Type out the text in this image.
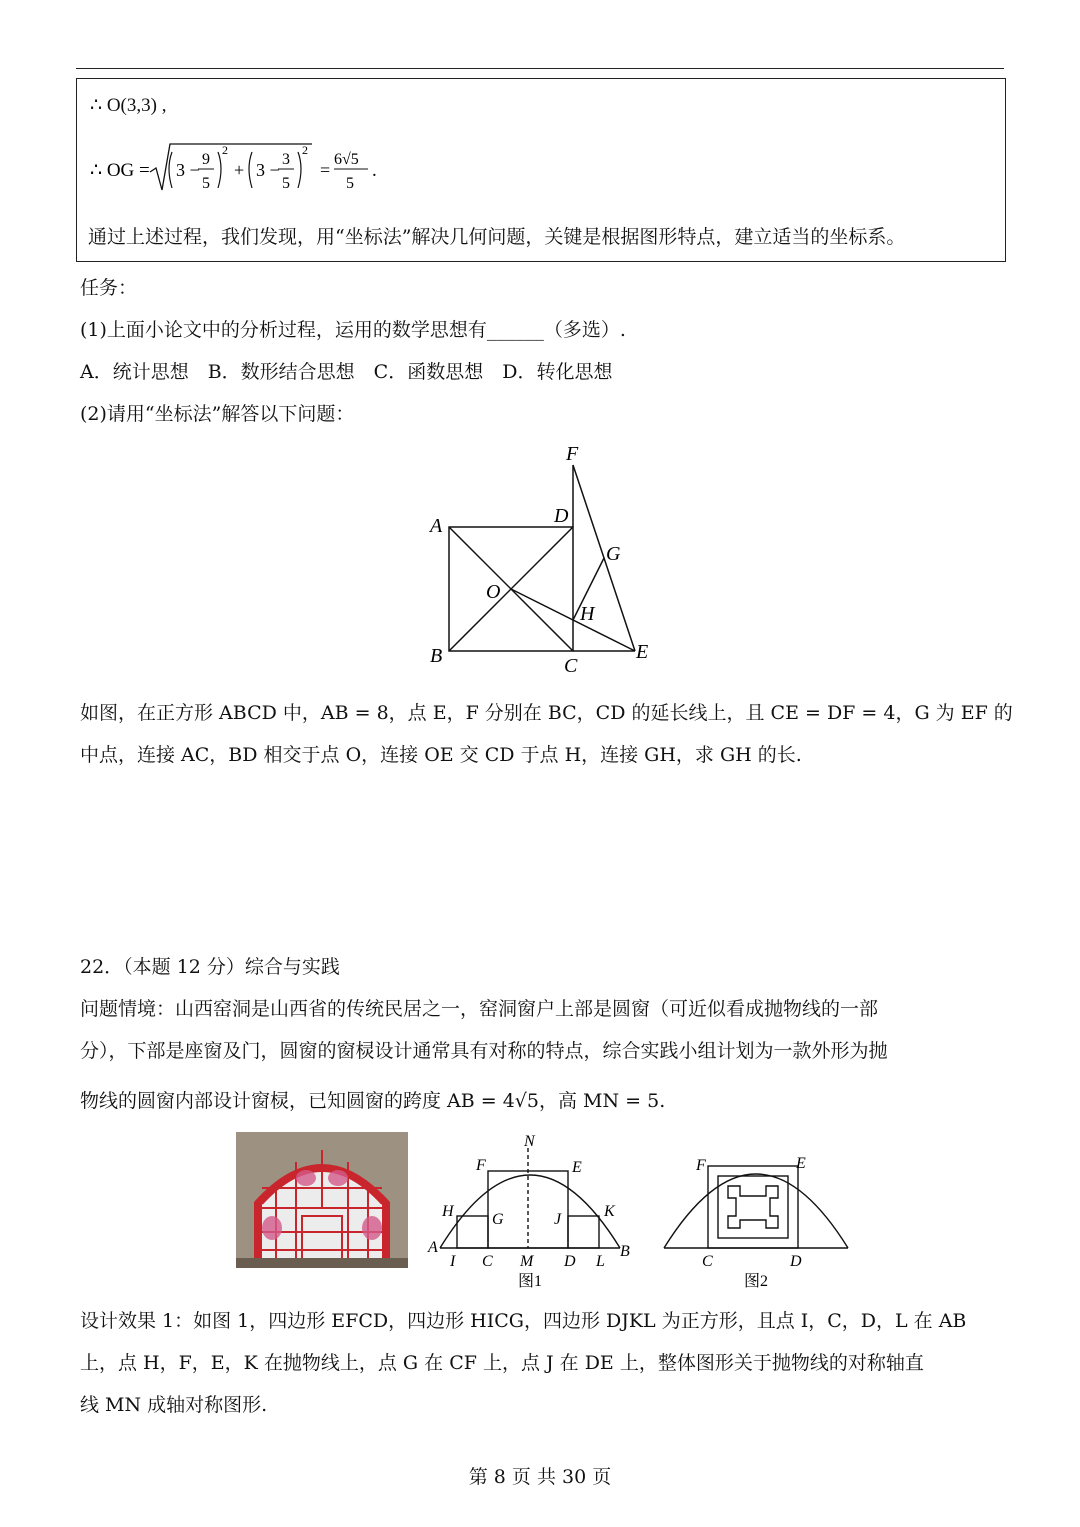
∴ O(3,3) ,
∴ OG = 3 −
9
5
2
+ 3 −
3
5
2
=
6√5
5
.
通过上述过程，我们发现，用“坐标法”解决几何问题，关键是根据图形特点，建立适当的坐标系。
任务：
(1)上面小论文中的分析过程，运用的数学思想有______（多选）.
A．统计思想　B．数形结合思想　C．函数思想　D．转化思想
(2)请用“坐标法”解答以下问题：
A
B	C
D
E
F
G
H
O
如图，在正方形 ABCD 中，AB = 8，点 E，F 分别在 BC，CD 的延长线上，且 CE = DF = 4，G 为 EF 的
中点，连接 AC，BD 相交于点 O，连接 OE 交 CD 于点 H，连接 GH，求 GH 的长.
22．（本题 12 分）综合与实践
问题情境：山西窑洞是山西省的传统民居之一，窑洞窗户上部是圆窗（可近似看成抛物线的一部
分），下部是座窗及门，圆窗的窗棂设计通常具有对称的特点，综合实践小组计划为一款外形为抛
物线的圆窗内部设计窗棂，已知圆窗的跨度 AB = 4√5，高 MN = 5.
N
F	E
H G	J	K
A
I C M D L
B
图1
F	E
C	D
图2
设计效果 1：如图 1，四边形 EFCD，四边形 HICG，四边形 DJKL 为正方形，且点 I，C，D，L 在 AB
上，点 H，F，E，K 在抛物线上，点 G 在 CF 上，点 J 在 DE 上，整体图形关于抛物线的对称轴直
线 MN 成轴对称图形.
第 8 页 共 30 页
